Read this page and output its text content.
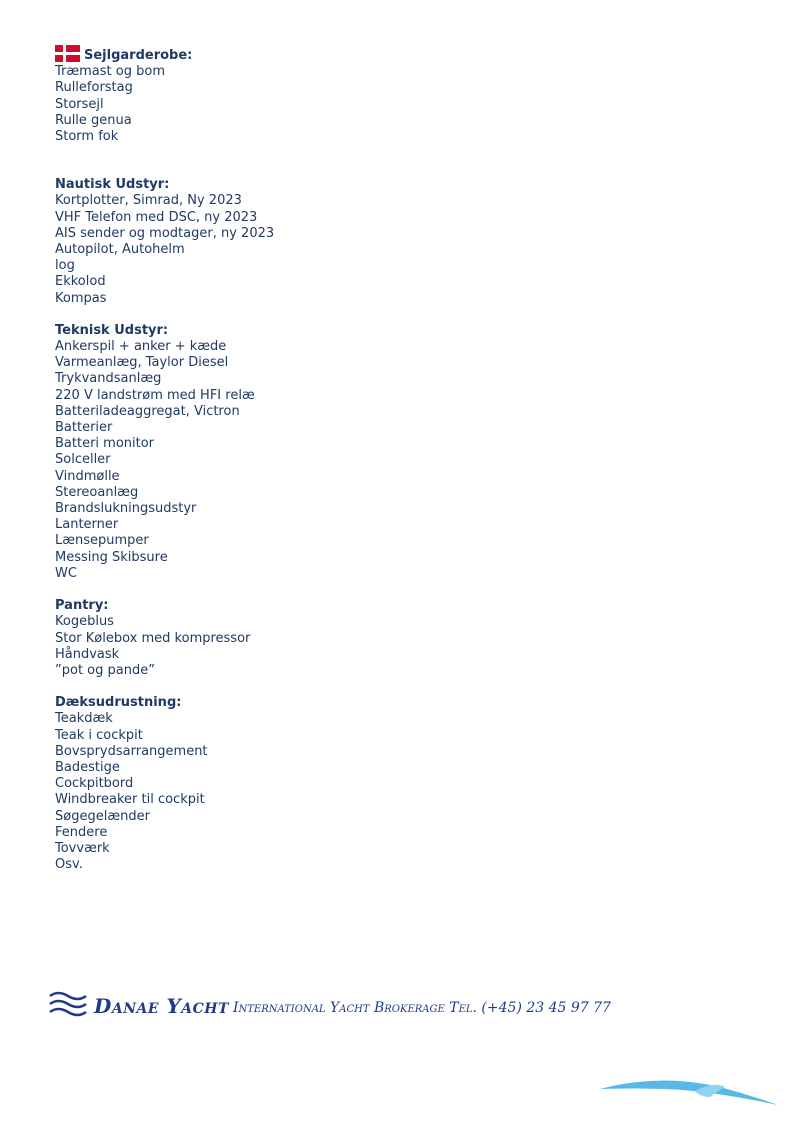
Sejlgarderobe:
Træmast og bom
Rulleforstag
Storsejl
Rulle genua
Storm fok
Nautisk Udstyr:
Kortplotter, Simrad, Ny 2023
VHF Telefon med DSC, ny 2023
AIS sender og modtager, ny 2023
Autopilot, Autohelm
log
Ekkolod
Kompas
Teknisk Udstyr:
Ankerspil + anker + kæde
Varmeanlæg, Taylor Diesel
Trykvandsanlæg
220 V landstrøm med HFI relæ
Batteriladeaggregat, Victron
Batterier
Batteri monitor
Solceller
Vindmølle
Stereoanlæg
Brandslukningsudstyr
Lanterner
Lænsepumper
Messing Skibsure
WC
Pantry:
Kogeblus
Stor Kølebox med kompressor
Håndvask
”pot og pande”
Dæksudrustning:
Teakdæk
Teak i cockpit
Bovsprydsarrangement
Badestige
Cockpitbord
Windbreaker til cockpit
Søgegelænder
Fendere
Tovværk
Osv.
Danae Yacht International Yacht Brokerage Tel. (+45) 23 45 97 77
